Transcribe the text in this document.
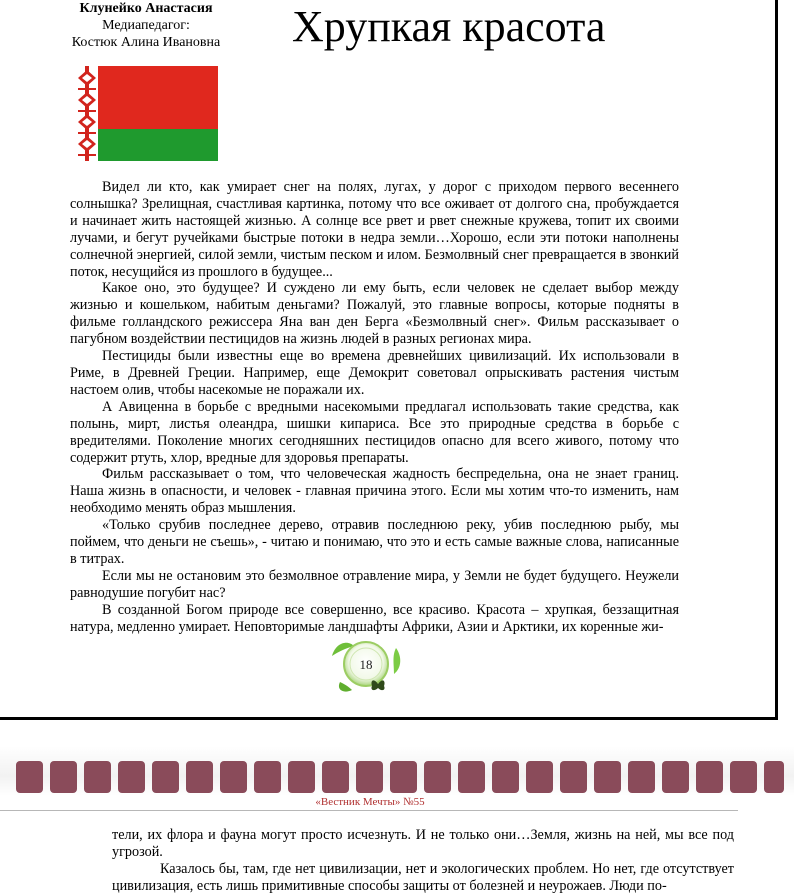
Клунейко Анастасия
Медиапедагог:
Костюк Алина Ивановна	Хрупкая красота

Видел ли кто, как умирает снег на полях, лугах, у дорог с приходом первого весеннего солнышка? Зрелищная, счастливая картинка, потому что все оживает от долгого сна, пробуждается и начинает жить настоящей жизнью. А солнце все рвет и рвет снежные кружева, топит их своими лучами, и бегут ручейками быстрые потоки в недра земли…Хорошо, если эти потоки наполнены солнечной энергией, силой земли, чистым песком и илом. Безмолвный снег превращается в звонкий поток, несущийся из прошлого в будущее...

Какое оно, это будущее? И суждено ли ему быть, если человек не сделает выбор между жизнью и кошельком, набитым деньгами? Пожалуй, это главные вопросы, которые подняты в фильме голландского режиссера Яна ван ден Берга «Безмолвный снег». Фильм рассказывает о пагубном воздействии пестицидов на жизнь людей в разных регионах мира.

Пестициды были известны еще во времена древнейших цивилизаций. Их использовали в Риме, в Древней Греции. Например, еще Демокрит советовал опрыскивать растения чистым настоем олив, чтобы насекомые не поражали их.

А Авиценна в борьбе с вредными насекомыми предлагал использовать такие средства, как полынь, мирт, листья олеандра, шишки кипариса. Все это природные средства в борьбе с вредителями. Поколение многих сегодняшних пестицидов опасно для всего живого, потому что содержит ртуть, хлор, вредные для здоровья препараты.

Фильм рассказывает о том, что человеческая жадность беспредельна, она не знает границ. Наша жизнь в опасности, и человек - главная причина этого. Если мы хотим что-то изменить, нам необходимо менять образ мышления.

«Только срубив последнее дерево, отравив последнюю реку, убив последнюю рыбу, мы поймем, что деньги не съешь», - читаю и понимаю, что это и есть самые важные слова, написанные в титрах.

Если мы не остановим это безмолвное отравление мира, у Земли не будет будущего. Неужели равнодушие погубит нас?

В созданной Богом природе все совершенно, все красиво. Красота – хрупкая, беззащитная натура, медленно умирает. Неповторимые ландшафты Африки, Азии и Арктики, их коренные жи-

18
«Вестник Мечты» №55

тели, их флора и фауна могут просто исчезнуть. И не только они…Земля, жизнь на ней, мы все под угрозой.

Казалось бы, там, где нет цивилизации, нет и экологических проблем. Но нет, где отсутствует цивилизация, есть лишь примитивные способы защиты от болезней и неурожаев. Люди по-
